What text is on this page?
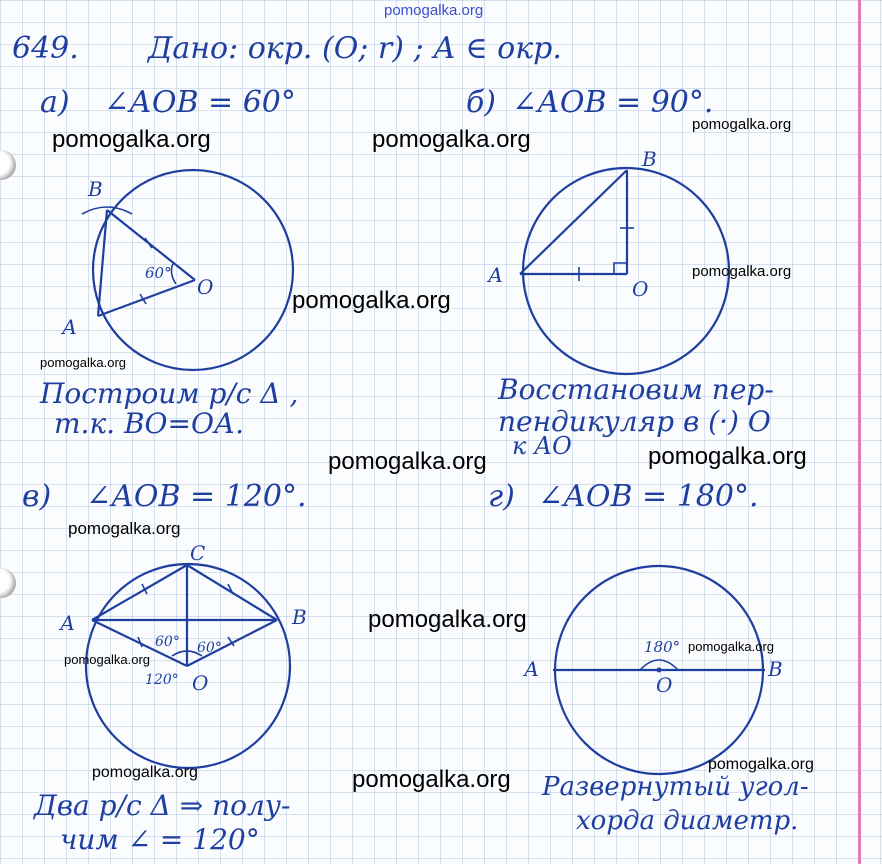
pomogalka.org
649. Дано: окр. (О; r) ; А ∈ окр.
а) ∠АОВ = 60°
Построим р/с Δ ,
т.к. ВО=ОА.
б) ∠АОВ = 90°.
Восстановим пер-
пендикуляр в (·) О
к АО
в) ∠АОВ = 120°.
Два р/с Δ ⇒ полу-
чим ∠ = 120°
г) ∠АОВ = 180°.
Развернутый угол-
хорда диаметр.
В
А
О
60°
В
А
О
С
А	В
О
60° 60°
120°	А	В
О
180°
pomogalka.org	pomogalka.org
pomogalka.org
pomogalka.org
pomogalka.org
pomogalka.org
pomogalka.org	pomogalka.org
pomogalka.org
pomogalka.org
pomogalka.org
pomogalka.org
pomogalka.org	pomogalka.org
pomogalka.org
